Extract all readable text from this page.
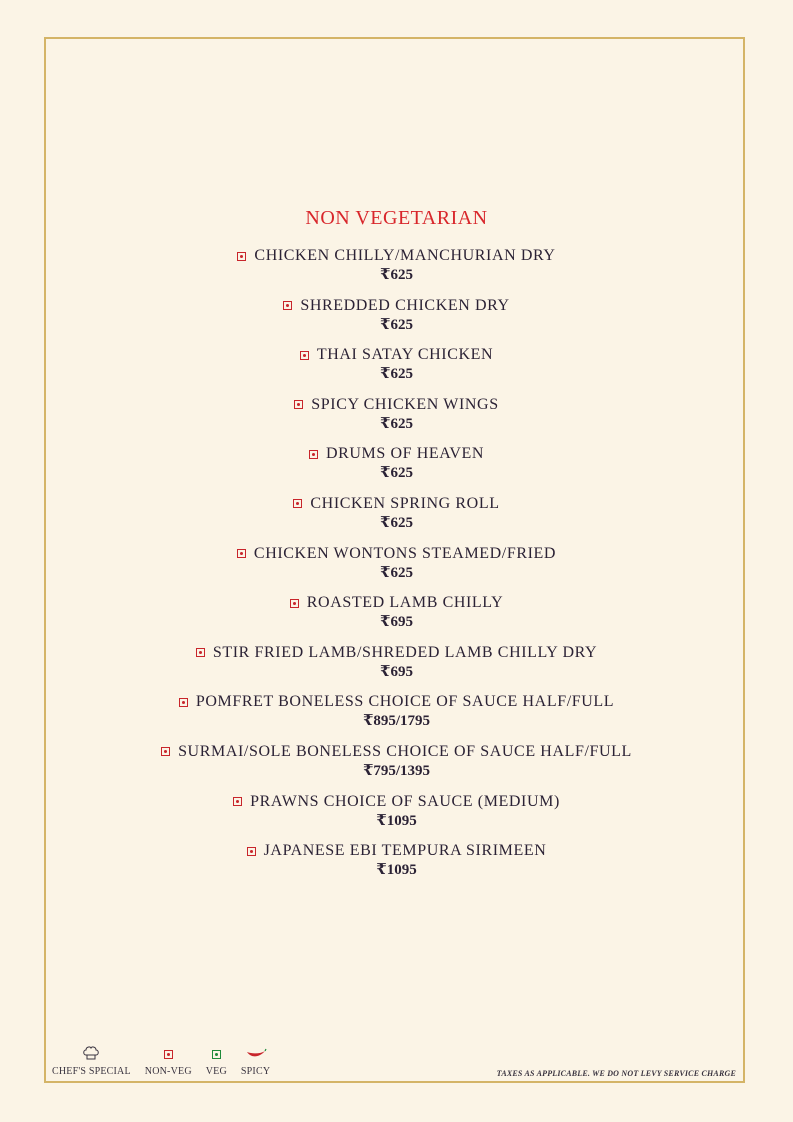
NON VEGETARIAN
CHICKEN CHILLY/MANCHURIAN DRY
₹625
SHREDDED CHICKEN DRY
₹625
THAI SATAY CHICKEN
₹625
SPICY CHICKEN WINGS
₹625
DRUMS OF HEAVEN
₹625
CHICKEN SPRING ROLL
₹625
CHICKEN WONTONS STEAMED/FRIED
₹625
ROASTED LAMB CHILLY
₹695
STIR FRIED LAMB/SHREDED LAMB CHILLY DRY
₹695
POMFRET BONELESS CHOICE OF SAUCE HALF/FULL
₹895/1795
SURMAI/SOLE BONELESS CHOICE OF SAUCE HALF/FULL
₹795/1395
PRAWNS CHOICE OF SAUCE (MEDIUM)
₹1095
JAPANESE EBI TEMPURA SIRIMEEN
₹1095
CHEF'S SPECIAL NON-VEG VEG SPICY	TAXES AS APPLICABLE. WE DO NOT LEVY SERVICE CHARGE
